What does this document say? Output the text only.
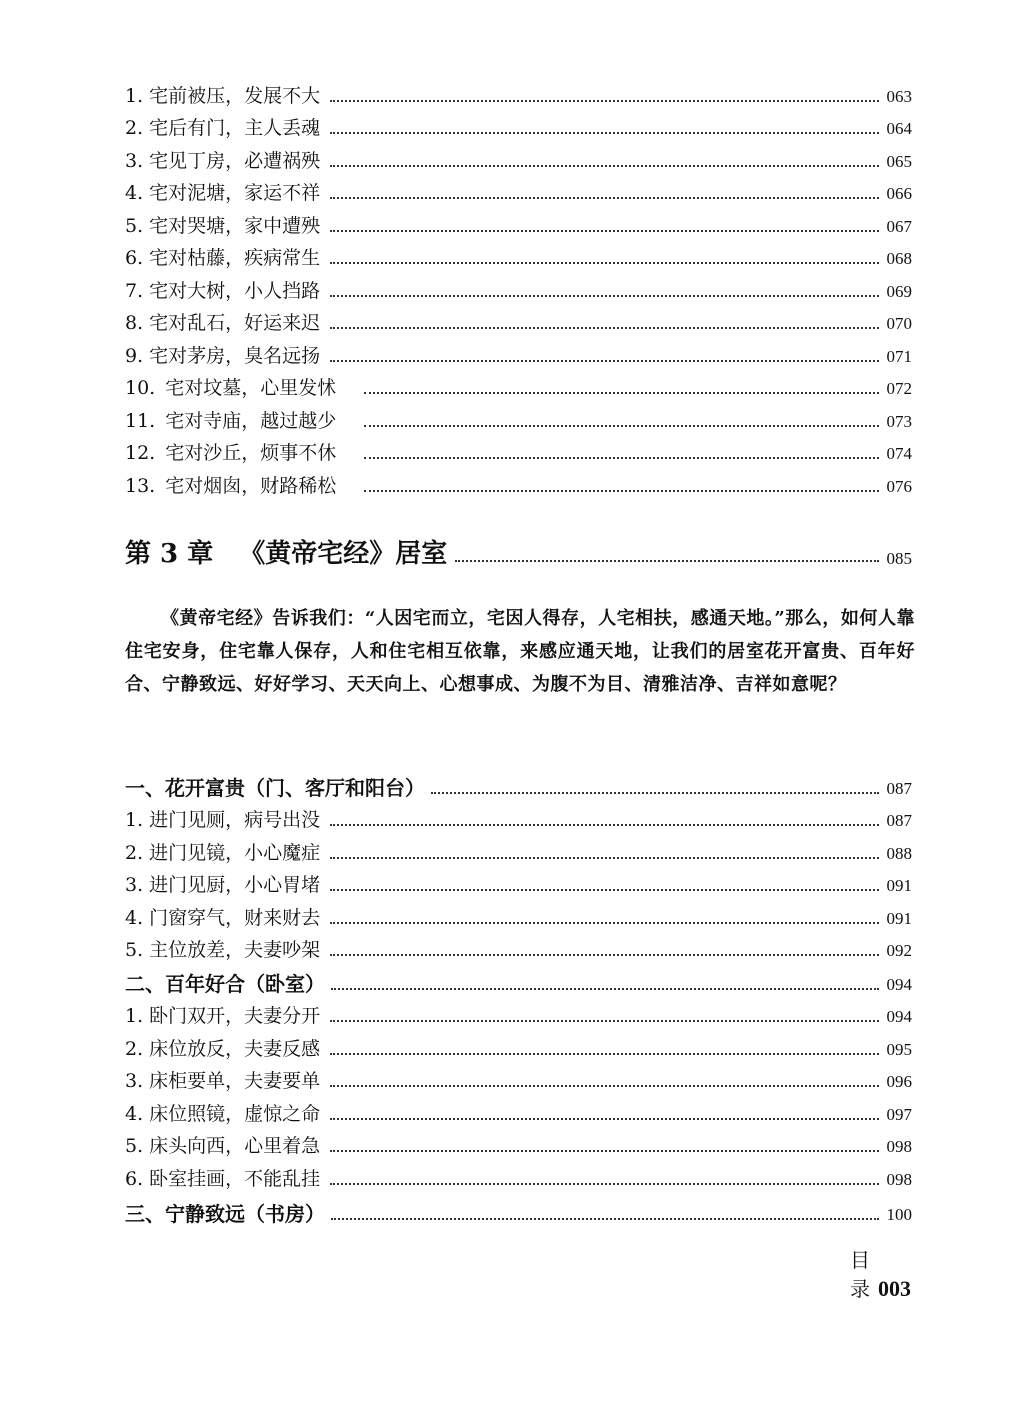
1. 宅前被压，发展不大	063
2. 宅后有门，主人丢魂	064
3. 宅见丁房，必遭祸殃	065
4. 宅对泥塘，家运不祥	066
5. 宅对哭塘，家中遭殃	067
6. 宅对枯藤，疾病常生	068
7. 宅对大树，小人挡路	069
8. 宅对乱石，好运来迟	070
9. 宅对茅房，臭名远扬	071
10. 宅对坟墓，心里发怵	072
11. 宅对寺庙，越过越少	073
12. 宅对沙丘，烦事不休	074
13. 宅对烟囱，财路稀松	076
第 3 章 《黄帝宅经》居室	085
《黄帝宅经》告诉我们：“人因宅而立，宅因人得存，人宅相扶，感通天地。”那么，如何人靠住宅安身，住宅靠人保存，人和住宅相互依靠，来感应通天地，让我们的居室花开富贵、百年好合、宁静致远、好好学习、天天向上、心想事成、为腹不为目、清雅洁净、吉祥如意呢？
一、花开富贵（门、客厅和阳台）	087
1. 进门见厕，病号出没	087
2. 进门见镜，小心魔症	088
3. 进门见厨，小心胃堵	091
4. 门窗穿气，财来财去	091
5. 主位放差，夫妻吵架	092
二、百年好合（卧室）	094
1. 卧门双开，夫妻分开	094
2. 床位放反，夫妻反感	095
3. 床柜要单，夫妻要单	096
4. 床位照镜，虚惊之命	097
5. 床头向西，心里着急	098
6. 卧室挂画，不能乱挂	098
三、宁静致远（书房）	100
目录
003
